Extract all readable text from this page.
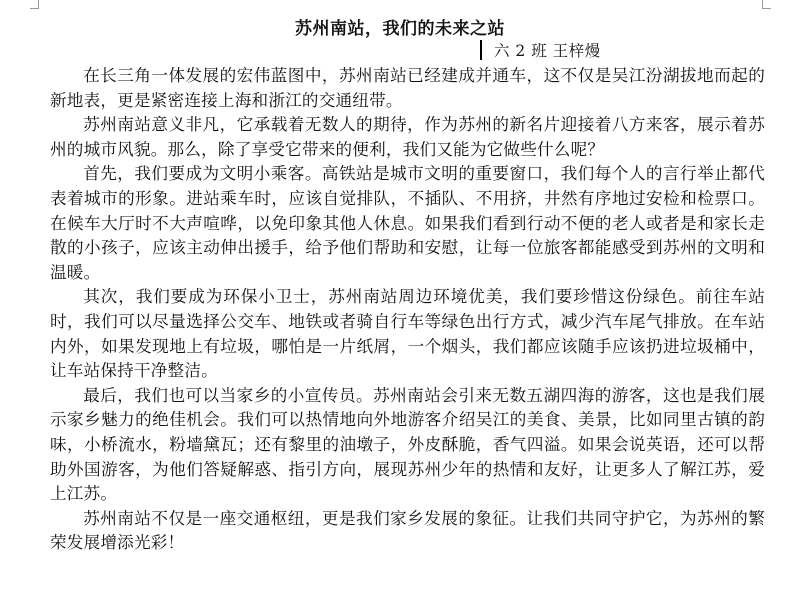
苏州南站，我们的未来之站
六 2 班 王梓熳

在长三角一体发展的宏伟蓝图中，苏州南站已经建成并通车，这不仅是吴江汾湖拔地而起的新地表，更是紧密连接上海和浙江的交通纽带。

苏州南站意义非凡，它承载着无数人的期待，作为苏州的新名片迎接着八方来客，展示着苏州的城市风貌。那么，除了享受它带来的便利，我们又能为它做些什么呢？

首先，我们要成为文明小乘客。高铁站是城市文明的重要窗口，我们每个人的言行举止都代表着城市的形象。进站乘车时，应该自觉排队，不插队、不用挤，井然有序地过安检和检票口。在候车大厅时不大声喧哗，以免印象其他人休息。如果我们看到行动不便的老人或者是和家长走散的小孩子，应该主动伸出援手，给予他们帮助和安慰，让每一位旅客都能感受到苏州的文明和温暖。

其次，我们要成为环保小卫士，苏州南站周边环境优美，我们要珍惜这份绿色。前往车站时，我们可以尽量选择公交车、地铁或者骑自行车等绿色出行方式，减少汽车尾气排放。在车站内外，如果发现地上有垃圾，哪怕是一片纸屑，一个烟头，我们都应该随手应该扔进垃圾桶中，让车站保持干净整洁。

最后，我们也可以当家乡的小宣传员。苏州南站会引来无数五湖四海的游客，这也是我们展示家乡魅力的绝佳机会。我们可以热情地向外地游客介绍吴江的美食、美景，比如同里古镇的韵味，小桥流水，粉墙黛瓦；还有黎里的油墩子，外皮酥脆，香气四溢。如果会说英语，还可以帮助外国游客，为他们答疑解惑、指引方向，展现苏州少年的热情和友好，让更多人了解江苏，爱上江苏。

苏州南站不仅是一座交通枢纽，更是我们家乡发展的象征。让我们共同守护它，为苏州的繁荣发展增添光彩！
